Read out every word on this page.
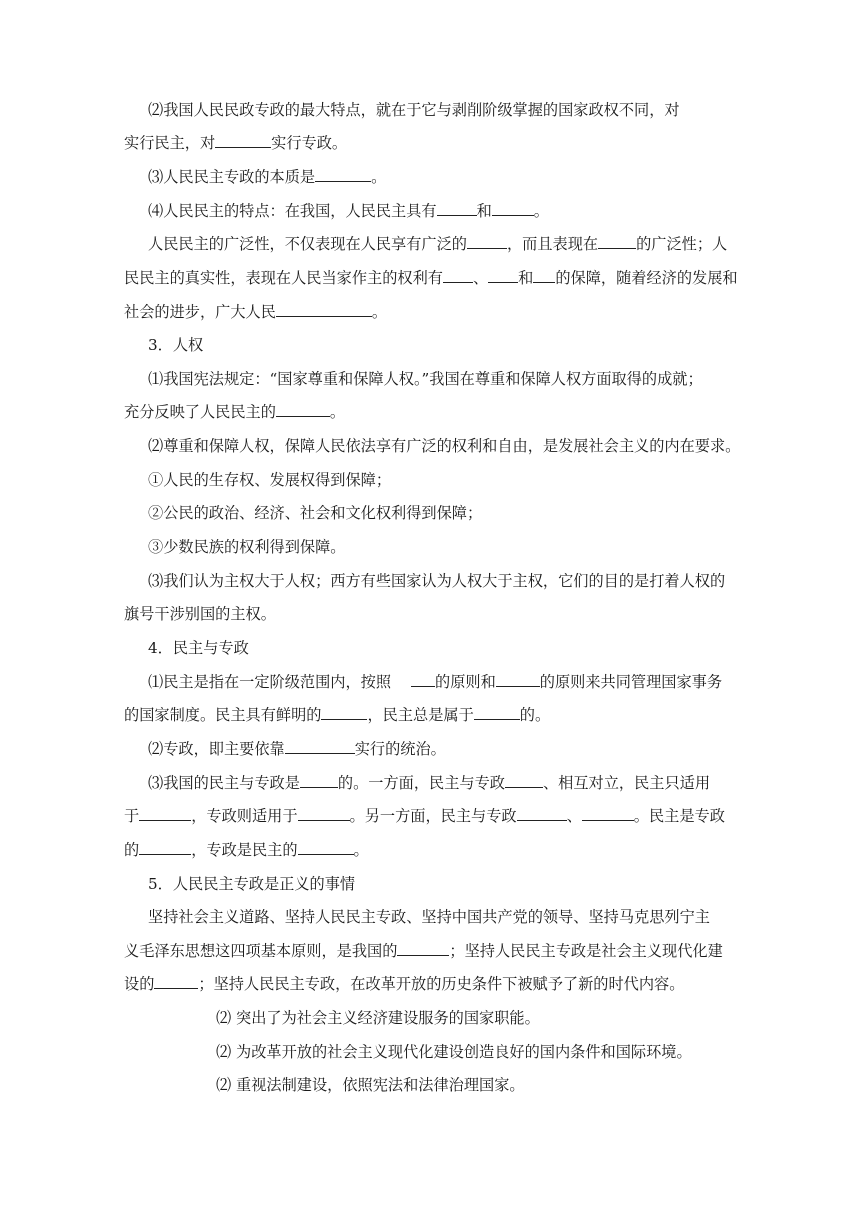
⑵我国人民民政专政的最大特点，就在于它与剥削阶级掌握的国家政权不同，对
实行民主，对	实行专政。
⑶人民民主专政的本质是	。
⑷人民民主的特点：在我国，人民民主具有	和	。
人民民主的广泛性，不仅表现在人民享有广泛的	，而且表现在	的广泛性；人
民民主的真实性，表现在人民当家作主的权利有 、 和 的保障，随着经济的发展和
社会的进步，广大人民	。
3．人权
⑴我国宪法规定：“国家尊重和保障人权。”我国在尊重和保障人权方面取得的成就；
充分反映了人民民主的	。
⑵尊重和保障人权，保障人民依法享有广泛的权利和自由，是发展社会主义的内在要求。
①人民的生存权、发展权得到保障；
②公民的政治、经济、社会和文化权利得到保障；
③少数民族的权利得到保障。
⑶我们认为主权大于人权；西方有些国家认为人权大于主权，它们的目的是打着人权的
旗号干涉别国的主权。
4．民主与专政
⑴民主是指在一定阶级范围内，按照　 的原则和	的原则来共同管理国家事务
的国家制度。民主具有鲜明的	，民主总是属于	的。
⑵专政，即主要依靠	实行的统治。
⑶我国的民主与专政是	的。一方面，民主与专政	、相互对立，民主只适用
于	，专政则适用于	。另一方面，民主与专政	、	。民主是专政
的	，专政是民主的	。
5．人民民主专政是正义的事情
坚持社会主义道路、坚持人民民主专政、坚持中国共产党的领导、坚持马克思列宁主
义毛泽东思想这四项基本原则，是我国的	；坚持人民民主专政是社会主义现代化建
设的	；坚持人民民主专政，在改革开放的历史条件下被赋予了新的时代内容。
⑵ 突出了为社会主义经济建设服务的国家职能。
⑵ 为改革开放的社会主义现代化建设创造良好的国内条件和国际环境。
⑵ 重视法制建设，依照宪法和法律治理国家。
